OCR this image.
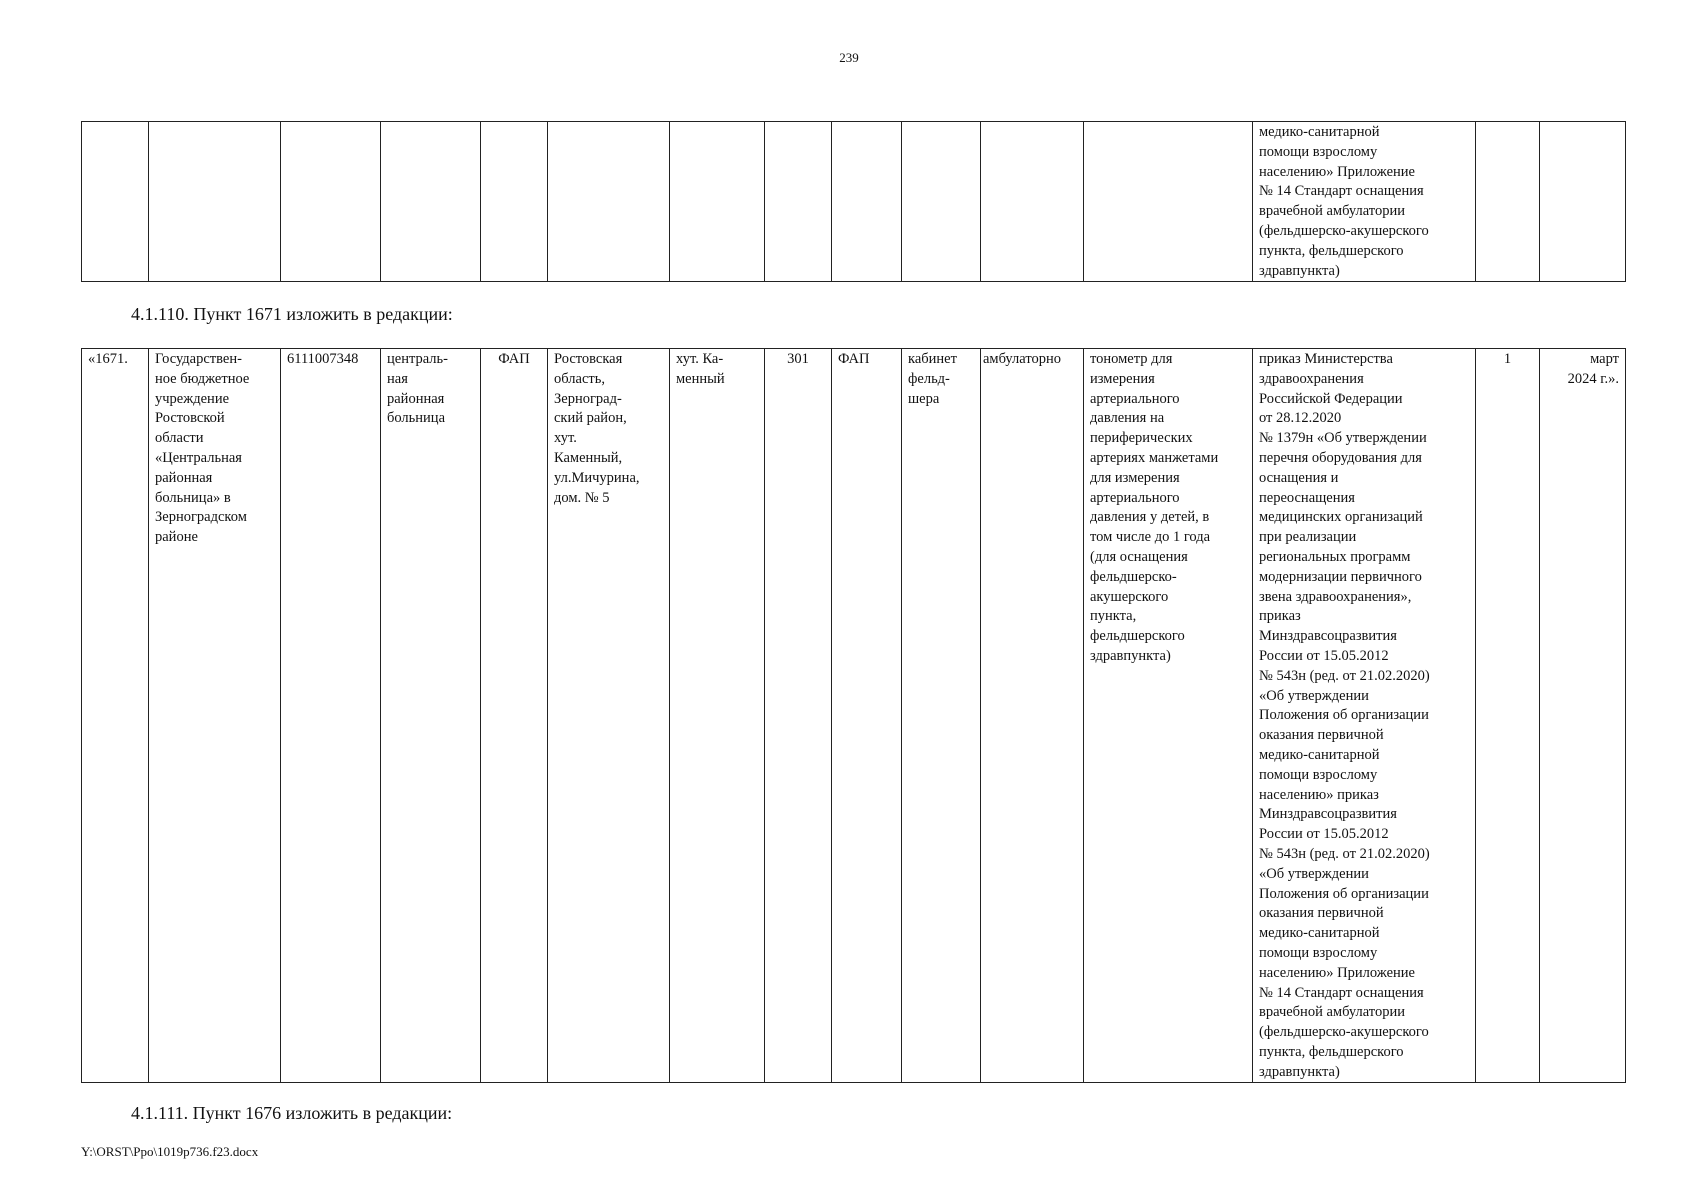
239
												медико-санитарной
помощи взрослому
населению» Приложение
№ 14 Стандарт оснащения
врачебной амбулатории
(фельдшерско-акушерского
пункта, фельдшерского
здравпункта)		
4.1.110. Пункт 1671 изложить в редакции:
«1671.	Государствен-
ное бюджетное
учреждение
Ростовской
области
«Центральная
районная
больница» в
Зерноградском
районе	6111007348	централь-
ная
районная
больница	ФАП	Ростовская
область,
Зерноград-
ский район,
хут.
Каменный,
ул.Мичурина,
дом. № 5	хут. Ка-
менный	301	ФАП	кабинет
фельд-
шера	амбулаторно	тонометр для
измерения
артериального
давления на
периферических
артериях манжетами
для измерения
артериального
давления у детей, в
том числе до 1 года
(для оснащения
фельдшерско-
акушерского
пункта,
фельдшерского
здравпункта)	приказ Министерства
здравоохранения
Российской Федерации
от 28.12.2020
№ 1379н «Об утверждении
перечня оборудования для
оснащения и
переоснащения
медицинских организаций
при реализации
региональных программ
модернизации первичного
звена здравоохранения»,
приказ
Минздравсоцразвития
России от 15.05.2012
№ 543н (ред. от 21.02.2020)
«Об утверждении
Положения об организации
оказания первичной
медико-санитарной
помощи взрослому
населению» приказ
Минздравсоцразвития
России от 15.05.2012
№ 543н (ред. от 21.02.2020)
«Об утверждении
Положения об организации
оказания первичной
медико-санитарной
помощи взрослому
населению» Приложение
№ 14 Стандарт оснащения
врачебной амбулатории
(фельдшерско-акушерского
пункта, фельдшерского
здравпункта)	1	март
2024 г.».
4.1.111. Пункт 1676 изложить в редакции:
Y:\ORST\Ppo\1019p736.f23.docx
